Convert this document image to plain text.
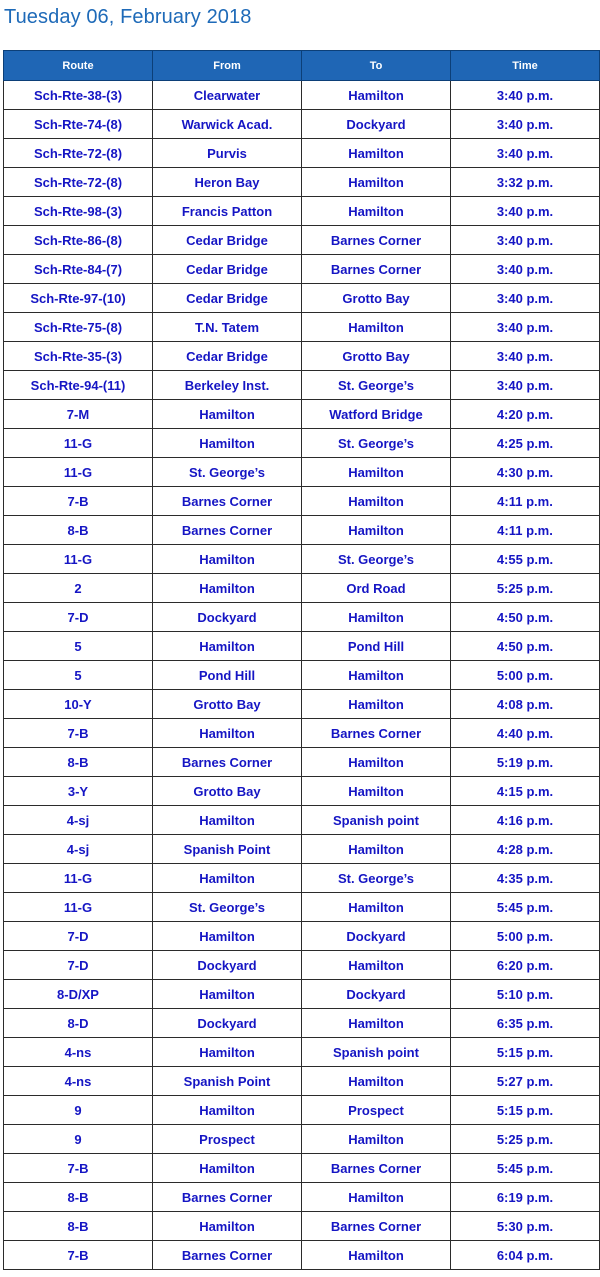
Tuesday 06, February 2018
Route	From	To	Time
Sch-Rte-38-(3)	Clearwater	Hamilton	3:40 p.m.
Sch-Rte-74-(8)	Warwick Acad.	Dockyard	3:40 p.m.
Sch-Rte-72-(8)	Purvis	Hamilton	3:40 p.m.
Sch-Rte-72-(8)	Heron Bay	Hamilton	3:32 p.m.
Sch-Rte-98-(3)	Francis Patton	Hamilton	3:40 p.m.
Sch-Rte-86-(8)	Cedar Bridge	Barnes Corner	3:40 p.m.
Sch-Rte-84-(7)	Cedar Bridge	Barnes Corner	3:40 p.m.
Sch-Rte-97-(10)	Cedar Bridge	Grotto Bay	3:40 p.m.
Sch-Rte-75-(8)	T.N. Tatem	Hamilton	3:40 p.m.
Sch-Rte-35-(3)	Cedar Bridge	Grotto Bay	3:40 p.m.
Sch-Rte-94-(11)	Berkeley Inst.	St. George’s	3:40 p.m.
7-M	Hamilton	Watford Bridge	4:20 p.m.
11-G	Hamilton	St. George’s	4:25 p.m.
11-G	St. George’s	Hamilton	4:30 p.m.
7-B	Barnes Corner	Hamilton	4:11 p.m.
8-B	Barnes Corner	Hamilton	4:11 p.m.
11-G	Hamilton	St. George’s	4:55 p.m.
2	Hamilton	Ord Road	5:25 p.m.
7-D	Dockyard	Hamilton	4:50 p.m.
5	Hamilton	Pond Hill	4:50 p.m.
5	Pond Hill	Hamilton	5:00 p.m.
10-Y	Grotto Bay	Hamilton	4:08 p.m.
7-B	Hamilton	Barnes Corner	4:40 p.m.
8-B	Barnes Corner	Hamilton	5:19 p.m.
3-Y	Grotto Bay	Hamilton	4:15 p.m.
4-sj	Hamilton	Spanish point	4:16 p.m.
4-sj	Spanish Point	Hamilton	4:28 p.m.
11-G	Hamilton	St. George’s	4:35 p.m.
11-G	St. George’s	Hamilton	5:45 p.m.
7-D	Hamilton	Dockyard	5:00 p.m.
7-D	Dockyard	Hamilton	6:20 p.m.
8-D/XP	Hamilton	Dockyard	5:10 p.m.
8-D	Dockyard	Hamilton	6:35 p.m.
4-ns	Hamilton	Spanish point	5:15 p.m.
4-ns	Spanish Point	Hamilton	5:27 p.m.
9	Hamilton	Prospect	5:15 p.m.
9	Prospect	Hamilton	5:25 p.m.
7-B	Hamilton	Barnes Corner	5:45 p.m.
8-B	Barnes Corner	Hamilton	6:19 p.m.
8-B	Hamilton	Barnes Corner	5:30 p.m.
7-B	Barnes Corner	Hamilton	6:04 p.m.
